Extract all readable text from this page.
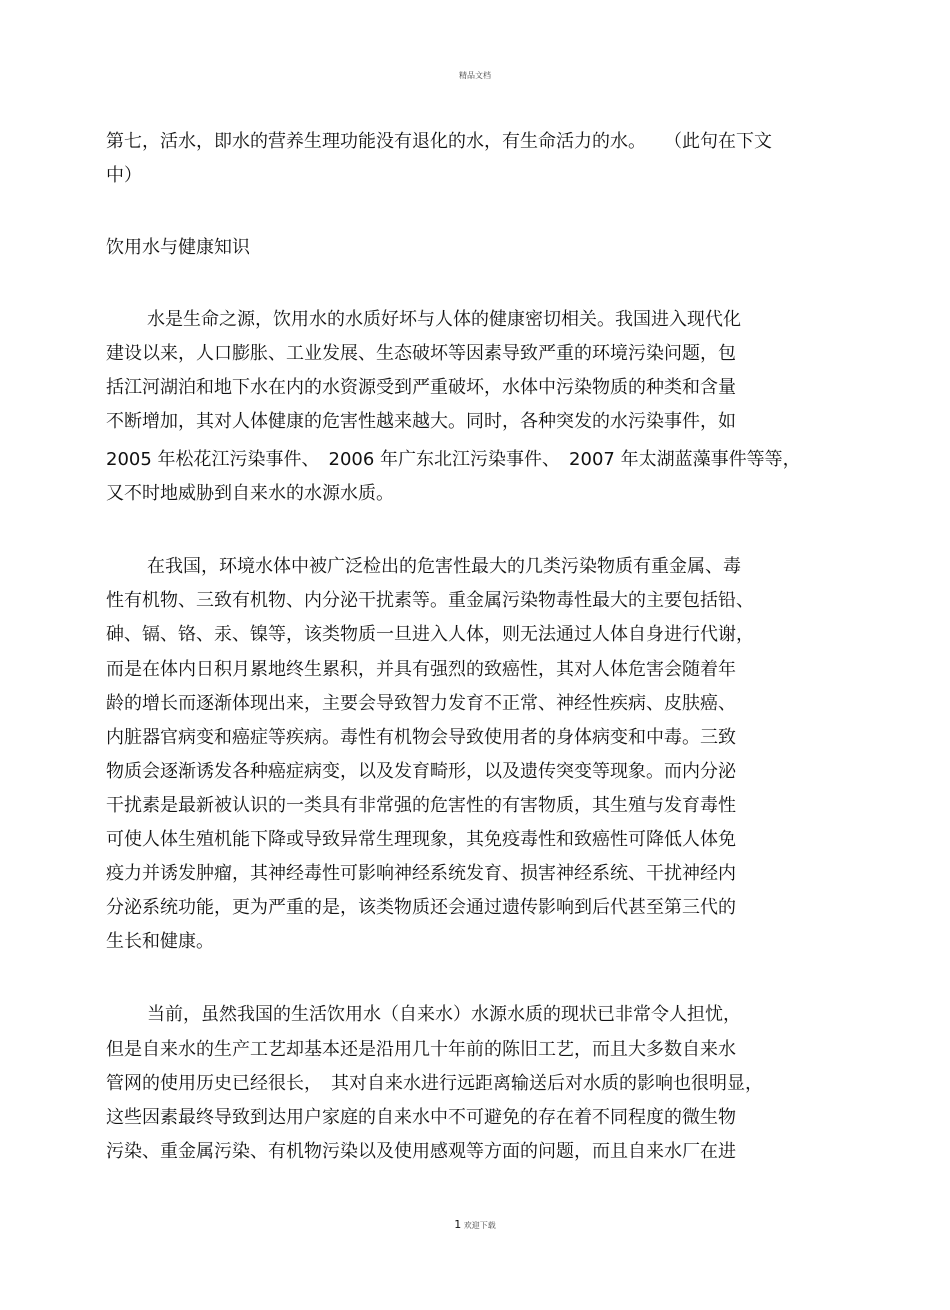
精品文档
第七，活水，即水的营养生理功能没有退化的水，有生命活力的水。　　（此句在下文
中）
饮用水与健康知识
水是生命之源，饮用水的水质好坏与人体的健康密切相关。我国进入现代化
建设以来，人口膨胀、工业发展、生态破坏等因素导致严重的环境污染问题，包
括江河湖泊和地下水在内的水资源受到严重破坏，水体中污染物质的种类和含量
不断增加，其对人体健康的危害性越来越大。同时，各种突发的水污染事件，如
2005 年松花江污染事件、　2006 年广东北江污染事件、　2007 年太湖蓝藻事件等等，
又不时地威胁到自来水的水源水质。
在我国，环境水体中被广泛检出的危害性最大的几类污染物质有重金属、毒
性有机物、三致有机物、内分泌干扰素等。重金属污染物毒性最大的主要包括铅、
砷、镉、铬、汞、镍等，该类物质一旦进入人体，则无法通过人体自身进行代谢，
而是在体内日积月累地终生累积，并具有强烈的致癌性，其对人体危害会随着年
龄的增长而逐渐体现出来，主要会导致智力发育不正常、神经性疾病、皮肤癌、
内脏器官病变和癌症等疾病。毒性有机物会导致使用者的身体病变和中毒。三致
物质会逐渐诱发各种癌症病变，以及发育畸形，以及遗传突变等现象。而内分泌
干扰素是最新被认识的一类具有非常强的危害性的有害物质，其生殖与发育毒性
可使人体生殖机能下降或导致异常生理现象，其免疫毒性和致癌性可降低人体免
疫力并诱发肿瘤，其神经毒性可影响神经系统发育、损害神经系统、干扰神经内
分泌系统功能，更为严重的是，该类物质还会通过遗传影响到后代甚至第三代的
生长和健康。
当前，虽然我国的生活饮用水（自来水）水源水质的现状已非常令人担忧，
但是自来水的生产工艺却基本还是沿用几十年前的陈旧工艺，而且大多数自来水
管网的使用历史已经很长，　其对自来水进行远距离输送后对水质的影响也很明显，
这些因素最终导致到达用户家庭的自来水中不可避免的存在着不同程度的微生物
污染、重金属污染、有机物污染以及使用感观等方面的问题，而且自来水厂在进
1 欢迎下载
